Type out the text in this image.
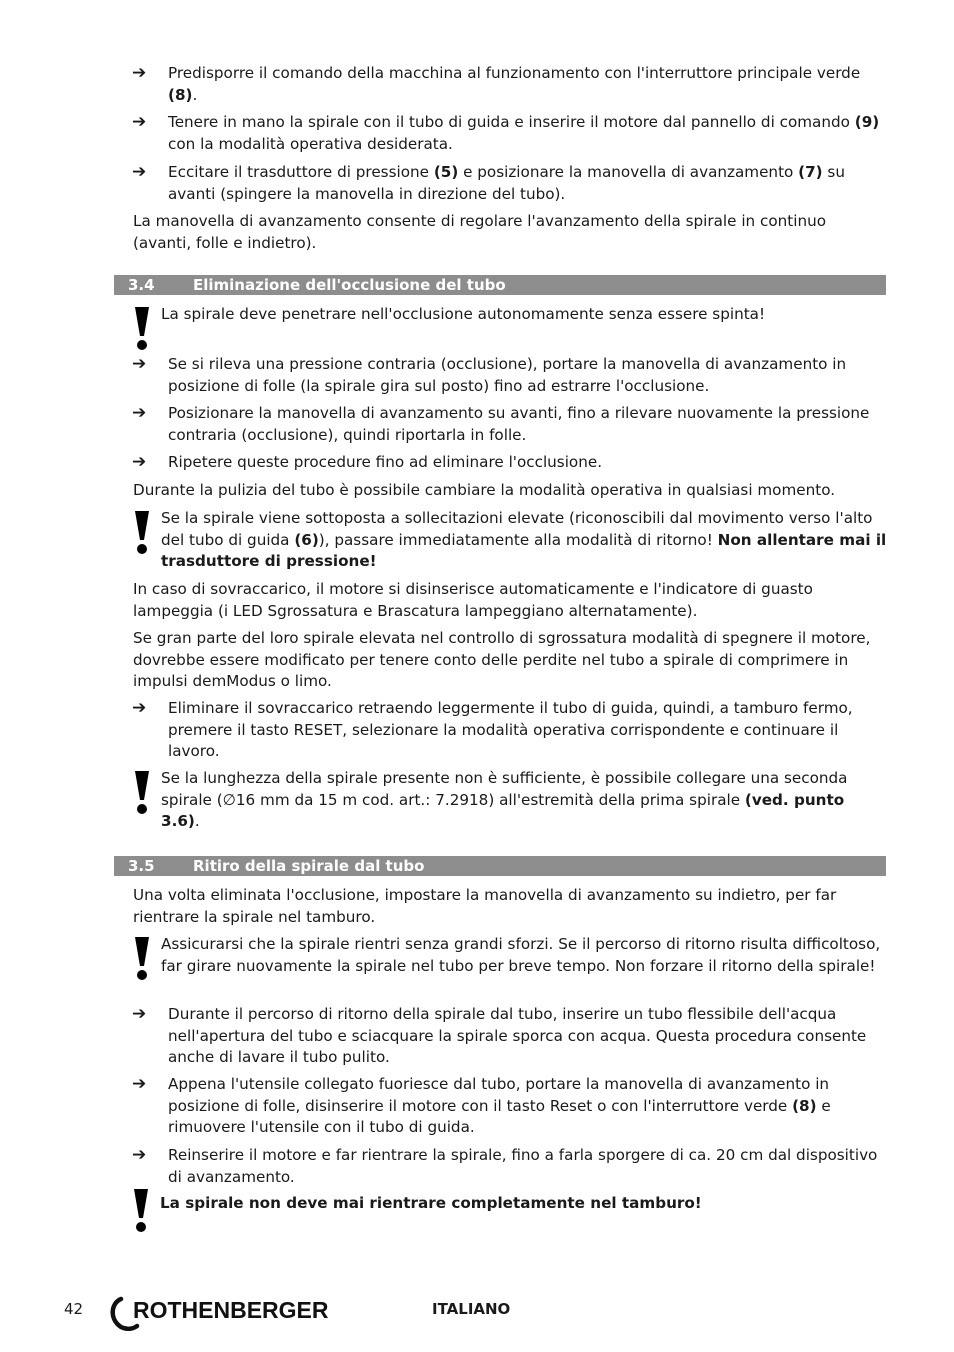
➔ Predisporre il comando della macchina al funzionamento con l'interruttore principale verde (8).
➔ Tenere in mano la spirale con il tubo di guida e inserire il motore dal pannello di comando (9) con la modalità operativa desiderata.
➔ Eccitare il trasduttore di pressione (5) e posizionare la manovella di avanzamento (7) su avanti (spingere la manovella in direzione del tubo).
La manovella di avanzamento consente di regolare l'avanzamento della spirale in continuo (avanti, folle e indietro).
3.4	Eliminazione dell'occlusione del tubo
La spirale deve penetrare nell'occlusione autonomamente senza essere spinta!
➔ Se si rileva una pressione contraria (occlusione), portare la manovella di avanzamento in posizione di folle (la spirale gira sul posto) fino ad estrarre l'occlusione.
➔ Posizionare la manovella di avanzamento su avanti, fino a rilevare nuovamente la pressione contraria (occlusione), quindi riportarla in folle.
➔ Ripetere queste procedure fino ad eliminare l'occlusione.
Durante la pulizia del tubo è possibile cambiare la modalità operativa in qualsiasi momento.
Se la spirale viene sottoposta a sollecitazioni elevate (riconoscibili dal movimento verso l'alto del tubo di guida (6)), passare immediatamente alla modalità di ritorno! Non allentare mai il trasduttore di pressione!
In caso di sovraccarico, il motore si disinserisce automaticamente e l'indicatore di guasto lampeggia (i LED Sgrossatura e Brascatura lampeggiano alternatamente).
Se gran parte del loro spirale elevata nel controllo di sgrossatura modalità di spegnere il motore, dovrebbe essere modificato per tenere conto delle perdite nel tubo a spirale di comprimere in impulsi demModus o limo.
➔ Eliminare il sovraccarico retraendo leggermente il tubo di guida, quindi, a tamburo fermo, premere il tasto RESET, selezionare la modalità operativa corrispondente e continuare il lavoro.
Se la lunghezza della spirale presente non è sufficiente, è possibile collegare una seconda spirale (∅16 mm da 15 m cod. art.: 7.2918) all'estremità della prima spirale (ved. punto 3.6).
3.5	Ritiro della spirale dal tubo
Una volta eliminata l'occlusione, impostare la manovella di avanzamento su indietro, per far rientrare la spirale nel tamburo.
Assicurarsi che la spirale rientri senza grandi sforzi. Se il percorso di ritorno risulta difficoltoso, far girare nuovamente la spirale nel tubo per breve tempo. Non forzare il ritorno della spirale!
➔ Durante il percorso di ritorno della spirale dal tubo, inserire un tubo flessibile dell'acqua nell'apertura del tubo e sciacquare la spirale sporca con acqua. Questa procedura consente anche di lavare il tubo pulito.
➔ Appena l'utensile collegato fuoriesce dal tubo, portare la manovella di avanzamento in posizione di folle, disinserire il motore con il tasto Reset o con l'interruttore verde (8) e rimuovere l'utensile con il tubo di guida.
➔ Reinserire il motore e far rientrare la spirale, fino a farla sporgere di ca. 20 cm dal dispositivo di avanzamento.
La spirale non deve mai rientrare completamente nel tamburo!
42 ROTHENBERGER	ITALIANO
